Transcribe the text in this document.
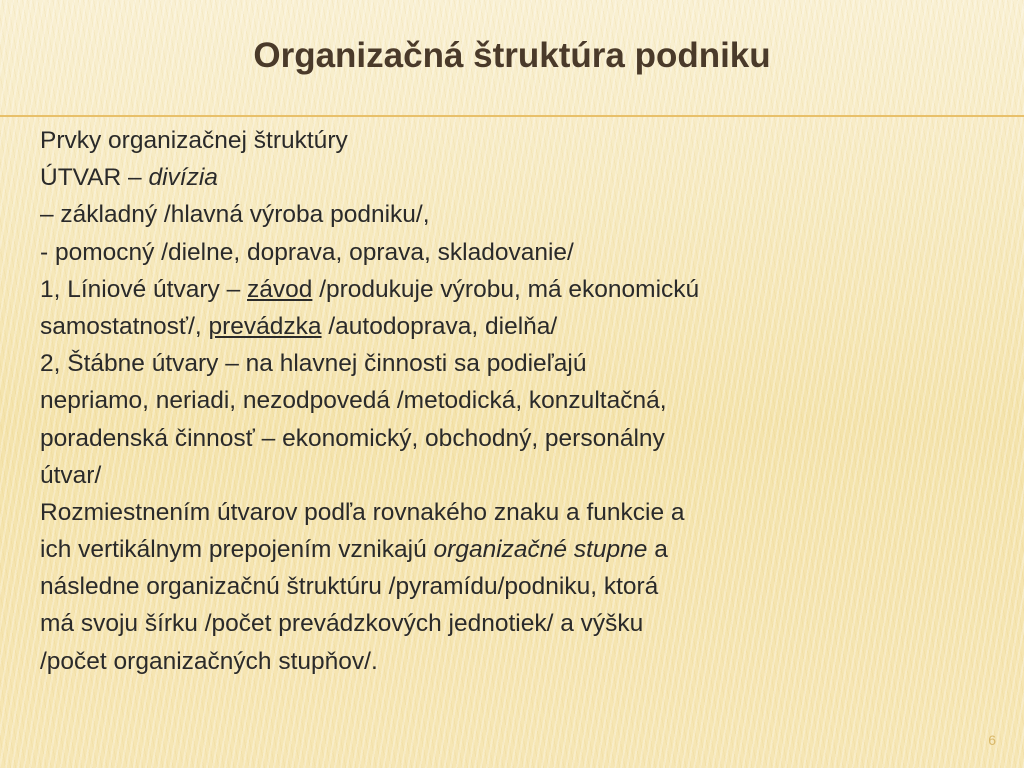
Organizačná štruktúra podniku
Prvky organizačnej štruktúry
ÚTVAR – divízia
– základný /hlavná výroba podniku/,
- pomocný /dielne, doprava, oprava, skladovanie/
1, Líniové útvary – závod /produkuje výrobu, má ekonomickú
samostatnosť/, prevádzka /autodoprava, dielňa/
2, Štábne útvary – na hlavnej činnosti sa podieľajú
nepriamo, neriadi, nezodpovedá /metodická, konzultačná,
poradenská činnosť – ekonomický, obchodný, personálny
útvar/
Rozmiestnením útvarov podľa rovnakého znaku a funkcie a
ich vertikálnym prepojením vznikajú organizačné stupne a
následne organizačnú štruktúru /pyramídu/podniku, ktorá
má svoju šírku /počet prevádzkových jednotiek/ a výšku
/počet organizačných stupňov/.
6
